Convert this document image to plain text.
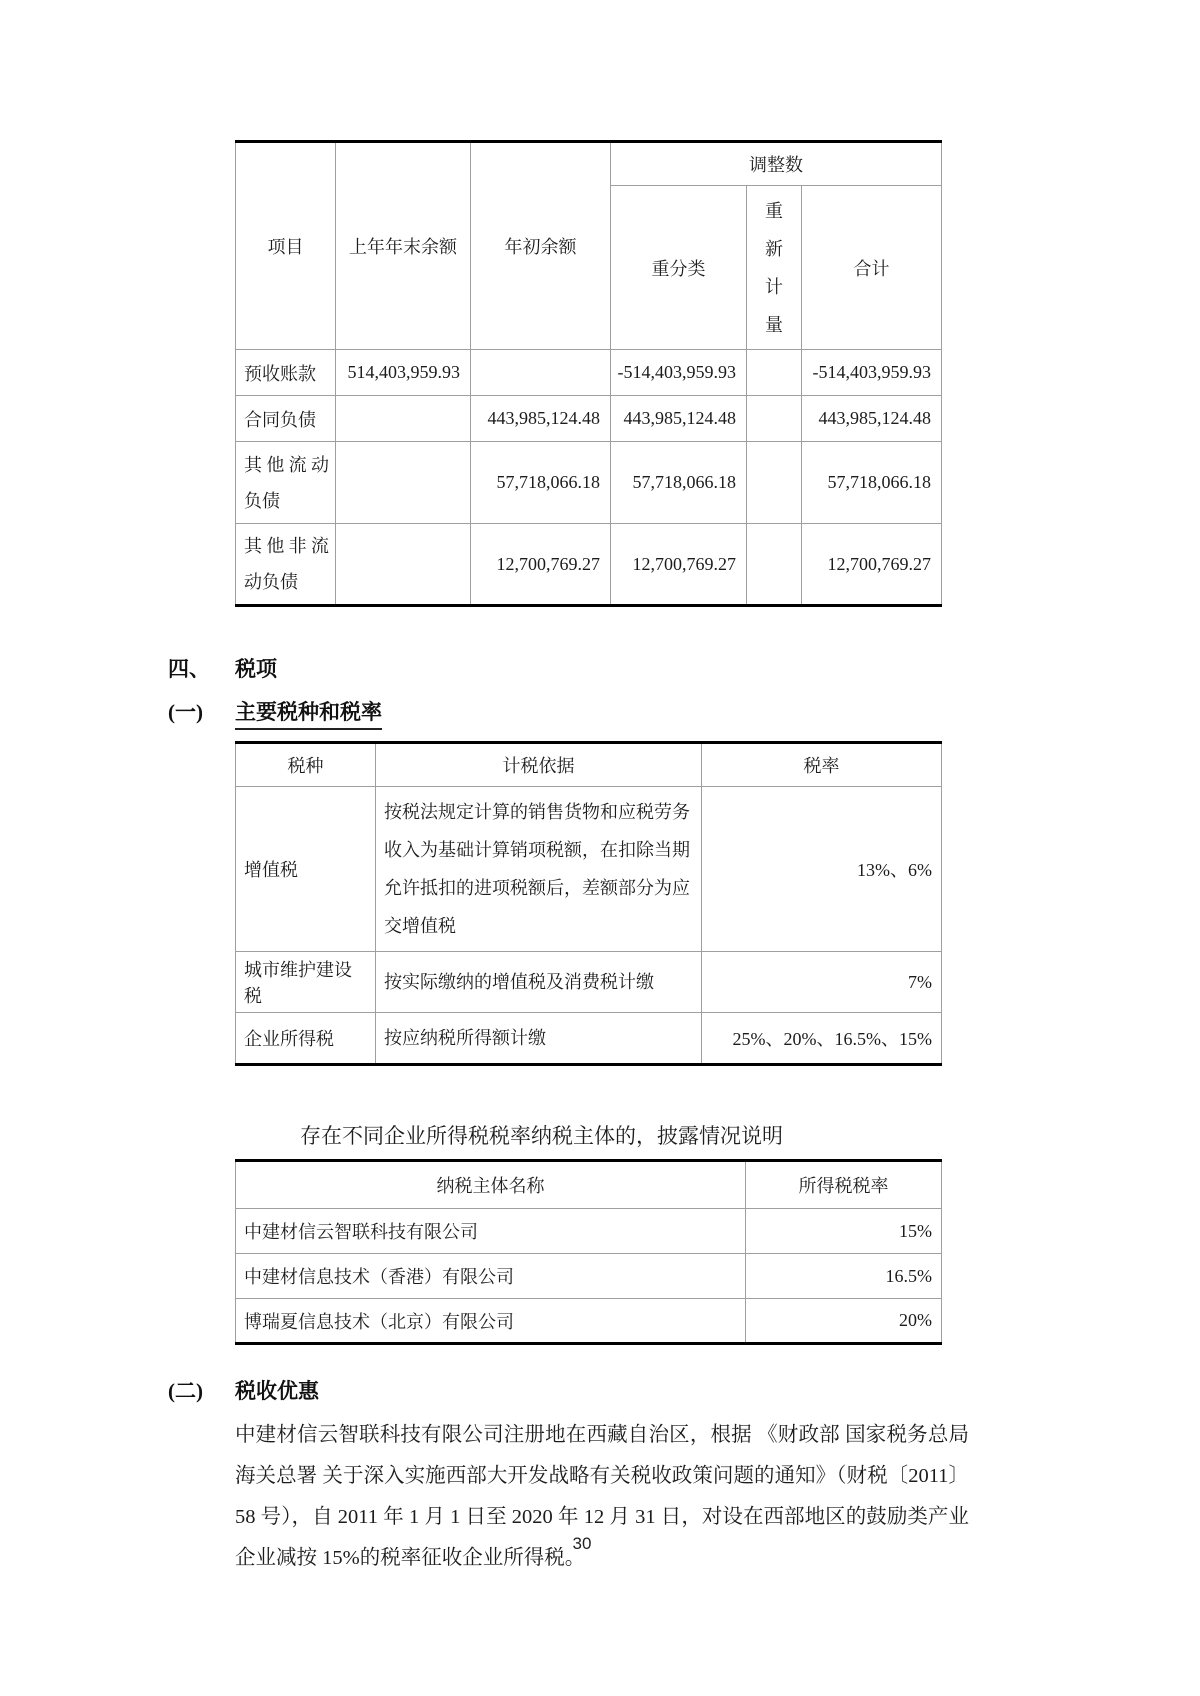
项目	上年年末余额	年初余额	调整数		
			重分类	重新计量	合计
预收账款	514,403,959.93		-514,403,959.93		-514,403,959.93
合同负债		443,985,124.48	443,985,124.48		443,985,124.48
其他流动负债		57,718,066.18	57,718,066.18		57,718,066.18
其他非流动负债		12,700,769.27	12,700,769.27		12,700,769.27
四、	税项
(一)	主要税种和税率
税种	计税依据	税率
增值税	按税法规定计算的销售货物和应税劳务收入为基础计算销项税额，在扣除当期允许抵扣的进项税额后，差额部分为应交增值税	13%、6%
城市维护建设税	按实际缴纳的增值税及消费税计缴	7%
企业所得税	按应纳税所得额计缴	25%、20%、16.5%、15%
存在不同企业所得税税率纳税主体的，披露情况说明
纳税主体名称	所得税税率
中建材信云智联科技有限公司	15%
中建材信息技术（香港）有限公司	16.5%
博瑞夏信息技术（北京）有限公司	20%
(二)	税收优惠
中建材信云智联科技有限公司注册地在西藏自治区，根据 《财政部 国家税务总局 海关总署 关于深入实施西部大开发战略有关税收政策问题的通知》（财税〔2011〕58 号），自 2011 年 1 月 1 日至 2020 年 12 月 31 日，对设在西部地区的鼓励类产业企业减按 15%的税率征收企业所得税。
30
